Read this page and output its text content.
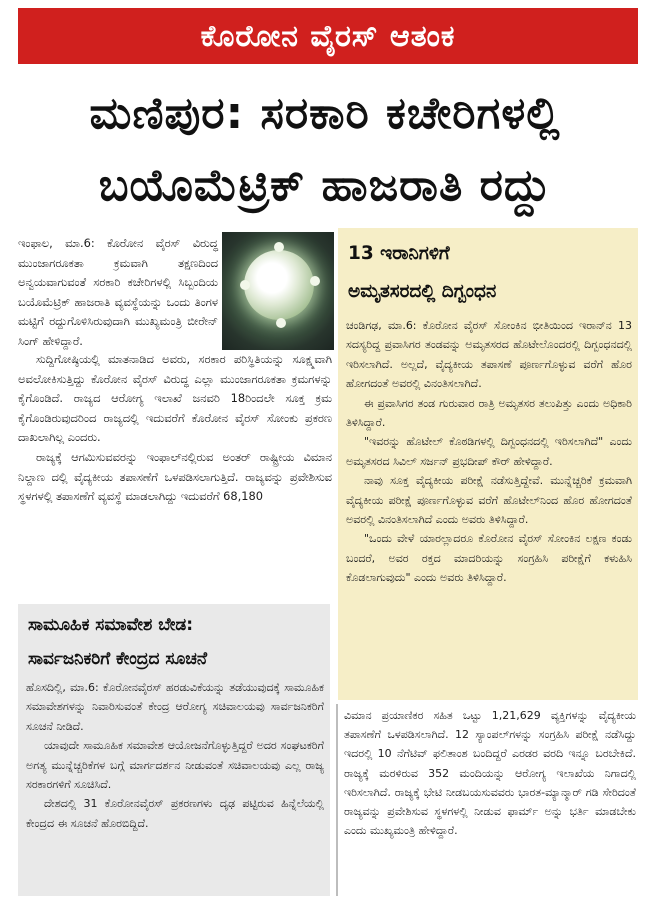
ಕೊರೋನ ವೈರಸ್ ಆತಂಕ
ಮಣಿಪುರ: ಸರಕಾರಿ ಕಚೇರಿಗಳಲ್ಲಿ
ಬಯೊಮೆಟ್ರಿಕ್ ಹಾಜರಾತಿ ರದ್ದು

ಇಂಫಾಲ, ಮಾ.6: ಕೊರೋನ ವೈರಸ್ ವಿರುದ್ಧ ಮುಂಜಾಗರೂಕತಾ ಕ್ರಮವಾಗಿ ತಕ್ಷಣದಿಂದ ಅನ್ವಯವಾಗುವಂತೆ ಸರಕಾರಿ ಕಚೇರಿಗಳಲ್ಲಿ ಸಿಬ್ಬಂದಿಯ ಬಯೊಮೆಟ್ರಿಕ್ ಹಾಜರಾತಿ ವ್ಯವಸ್ಥೆಯನ್ನು ಒಂದು ತಿಂಗಳ ಮಟ್ಟಿಗೆ ರದ್ದುಗೊಳಿಸಿರುವುದಾಗಿ ಮುಖ್ಯಮಂತ್ರಿ ಬೀರೇನ್ ಸಿಂಗ್ ಹೇಳಿದ್ದಾರೆ.

ಸುದ್ದಿಗೋಷ್ಠಿಯಲ್ಲಿ ಮಾತನಾಡಿದ ಅವರು, ಸರಕಾರ ಪರಿಸ್ಥಿತಿಯನ್ನು ಸೂಕ್ಷ್ಮವಾಗಿ ಅವಲೋಕಿಸುತ್ತಿದ್ದು ಕೊರೋನ ವೈರಸ್ ವಿರುದ್ಧ ಎಲ್ಲಾ ಮುಂಜಾಗರೂಕತಾ ಕ್ರಮಗಳನ್ನು ಕೈಗೊಂಡಿದೆ. ರಾಜ್ಯದ ಆರೋಗ್ಯ ಇಲಾಖೆ ಜನವರಿ 18ರಿಂದಲೇ ಸೂಕ್ತ ಕ್ರಮ ಕೈಗೊಂಡಿರುವುದರಿಂದ ರಾಜ್ಯದಲ್ಲಿ ಇದುವರೆಗೆ ಕೊರೋನ ವೈರಸ್ ಸೋಂಕು ಪ್ರಕರಣ ದಾಖಲಾಗಿಲ್ಲ ಎಂದರು.

ರಾಜ್ಯಕ್ಕೆ ಆಗಮಿಸುವವರನ್ನು ಇಂಫಾಲ್‌ನಲ್ಲಿರುವ ಅಂತರ್ ರಾಷ್ಟ್ರೀಯ ವಿಮಾನ ನಿಲ್ದಾಣ ದಲ್ಲಿ ವೈದ್ಯಕೀಯ ತಪಾಸಣೆಗೆ ಒಳಪಡಿಸಲಾಗುತ್ತಿದೆ. ರಾಜ್ಯವನ್ನು ಪ್ರವೇಶಿಸುವ ಸ್ಥಳಗಳಲ್ಲಿ ತಪಾಸಣೆಗೆ ವ್ಯವಸ್ಥೆ ಮಾಡಲಾಗಿದ್ದು ಇದುವರೆಗೆ 68,180

13 ಇರಾನಿಗಳಿಗೆ
ಅಮೃತಸರದಲ್ಲಿ ದಿಗ್ಬಂಧನ

ಚಂಡಿಗಢ, ಮಾ.6: ಕೊರೋನ ವೈರಸ್ ಸೋಂಕಿನ ಭೀತಿಯಿಂದ ಇರಾನ್‌ನ 13 ಸದಸ್ಯರಿದ್ದ ಪ್ರವಾಸಿಗರ ತಂಡವನ್ನು ಅಮೃತಸರದ ಹೊಟೇಲೊಂದರಲ್ಲಿ ದಿಗ್ಬಂಧನದಲ್ಲಿ ಇರಿಸಲಾಗಿದೆ. ಅಲ್ಲದೆ, ವೈದ್ಯಕೀಯ ತಪಾಸಣೆ ಪೂರ್ಣಗೊಳ್ಳುವ ವರೆಗೆ ಹೊರ ಹೋಗದಂತೆ ಅವರಲ್ಲಿ ವಿನಂತಿಸಲಾಗಿದೆ.

ಈ ಪ್ರವಾಸಿಗರ ತಂಡ ಗುರುವಾರ ರಾತ್ರಿ ಅಮೃತಸರ ತಲುಪಿತ್ತು ಎಂದು ಅಧಿಕಾರಿ ತಿಳಿಸಿದ್ದಾರೆ.

"ಇವರನ್ನು ಹೊಟೇಲ್ ಕೊಠಡಿಗಳಲ್ಲಿ ದಿಗ್ಬಂಧನದಲ್ಲಿ ಇರಿಸಲಾಗಿದೆ" ಎಂದು ಅಮೃತಸರದ ಸಿವಿಲ್ ಸರ್ಜನ್ ಪ್ರಭದೀಪ್ ಕೌರ್ ಹೇಳಿದ್ದಾರೆ.

ನಾವು ಸೂಕ್ತ ವೈದ್ಯಕೀಯ ಪರೀಕ್ಷೆ ನಡೆಸುತ್ತಿದ್ದೇವೆ. ಮುನ್ನೆಚ್ಚರಿಕೆ ಕ್ರಮವಾಗಿ ವೈದ್ಯಕೀಯ ಪರೀಕ್ಷೆ ಪೂರ್ಣಗೊಳ್ಳುವ ವರೆಗೆ ಹೊಟೇಲ್‌ನಿಂದ ಹೊರ ಹೋಗದಂತೆ ಅವರಲ್ಲಿ ವಿನಂತಿಸಲಾಗಿದೆ ಎಂದು ಅವರು ತಿಳಿಸಿದ್ದಾರೆ.

"ಒಂದು ವೇಳೆ ಯಾರಲ್ಲಾದರೂ ಕೊರೋನ ವೈರಸ್ ಸೋಂಕಿನ ಲಕ್ಷಣ ಕಂಡು ಬಂದರೆ, ಅವರ ರಕ್ತದ ಮಾದರಿಯನ್ನು ಸಂಗ್ರಹಿಸಿ ಪರೀಕ್ಷೆಗೆ ಕಳುಹಿಸಿ ಕೊಡಲಾಗುವುದು" ಎಂದು ಅವರು ತಿಳಿಸಿದ್ದಾರೆ.

ಸಾಮೂಹಿಕ ಸಮಾವೇಶ ಬೇಡ:
ಸಾರ್ವಜನಿಕರಿಗೆ ಕೇಂದ್ರದ ಸೂಚನೆ

ಹೊಸದಿಲ್ಲಿ, ಮಾ.6: ಕೊರೋನವೈರಸ್ ಹರಡುವಿಕೆಯನ್ನು ತಡೆಯುವುದಕ್ಕೆ ಸಾಮೂಹಿಕ ಸಮಾವೇಶಗಳನ್ನು ನಿವಾರಿಸುವಂತೆ ಕೇಂದ್ರ ಆರೋಗ್ಯ ಸಚಿವಾಲಯವು ಸಾರ್ವಜನಿಕರಿಗೆ ಸೂಚನೆ ನೀಡಿದೆ.

ಯಾವುದೇ ಸಾಮೂಹಿಕ ಸಮಾವೇಶ ಆಯೋಜನೆಗೊಳ್ಳುತ್ತಿದ್ದರೆ ಅದರ ಸಂಘಟಕರಿಗೆ ಅಗತ್ಯ ಮುನ್ನೆಚ್ಚರಿಕೆಗಳ ಬಗ್ಗೆ ಮಾರ್ಗದರ್ಶನ ನೀಡುವಂತೆ ಸಚಿವಾಲಯವು ಎಲ್ಲ ರಾಜ್ಯ ಸರಕಾರಗಳಿಗೆ ಸೂಚಿಸಿದೆ.

ದೇಶದಲ್ಲಿ 31 ಕೊರೋನವೈರಸ್ ಪ್ರಕರಣಗಳು ದೃಢ ಪಟ್ಟಿರುವ ಹಿನ್ನೆಲೆಯಲ್ಲಿ ಕೇಂದ್ರದ ಈ ಸೂಚನೆ ಹೊರಬಿದ್ದಿದೆ.

ವಿಮಾನ ಪ್ರಯಾಣಿಕರ ಸಹಿತ ಒಟ್ಟು 1,21,629 ವ್ಯಕ್ತಿಗಳನ್ನು ವೈದ್ಯಕೀಯ ತಪಾಸಣೆಗೆ ಒಳಪಡಿಸಲಾಗಿದೆ. 12 ಸ್ಯಾಂಪಲ್‌ಗಳನ್ನು ಸಂಗ್ರಹಿಸಿ ಪರೀಕ್ಷೆ ನಡೆಸಿದ್ದು ಇದರಲ್ಲಿ 10 ನೆಗೆಟಿವ್ ಫಲಿತಾಂಶ ಬಂದಿದ್ದರೆ ಎರಡರ ವರದಿ ಇನ್ನೂ ಬರಬೇಕಿದೆ. ರಾಜ್ಯಕ್ಕೆ ಮರಳಿರುವ 352 ಮಂದಿಯನ್ನು ಆರೋಗ್ಯ ಇಲಾಖೆಯ ನಿಗಾದಲ್ಲಿ ಇರಿಸಲಾಗಿದೆ. ರಾಜ್ಯಕ್ಕೆ ಭೇಟಿ ನೀಡಬಯಸುವವರು ಭಾರತ-ಮ್ಯಾನ್ಮಾರ್ ಗಡಿ ಸೇರಿದಂತೆ ರಾಜ್ಯವನ್ನು ಪ್ರವೇಶಿಸುವ ಸ್ಥಳಗಳಲ್ಲಿ ನೀಡುವ ಫಾರ್ಮ್ ಅನ್ನು ಭರ್ತಿ ಮಾಡಬೇಕು ಎಂದು ಮುಖ್ಯಮಂತ್ರಿ ಹೇಳಿದ್ದಾರೆ.
